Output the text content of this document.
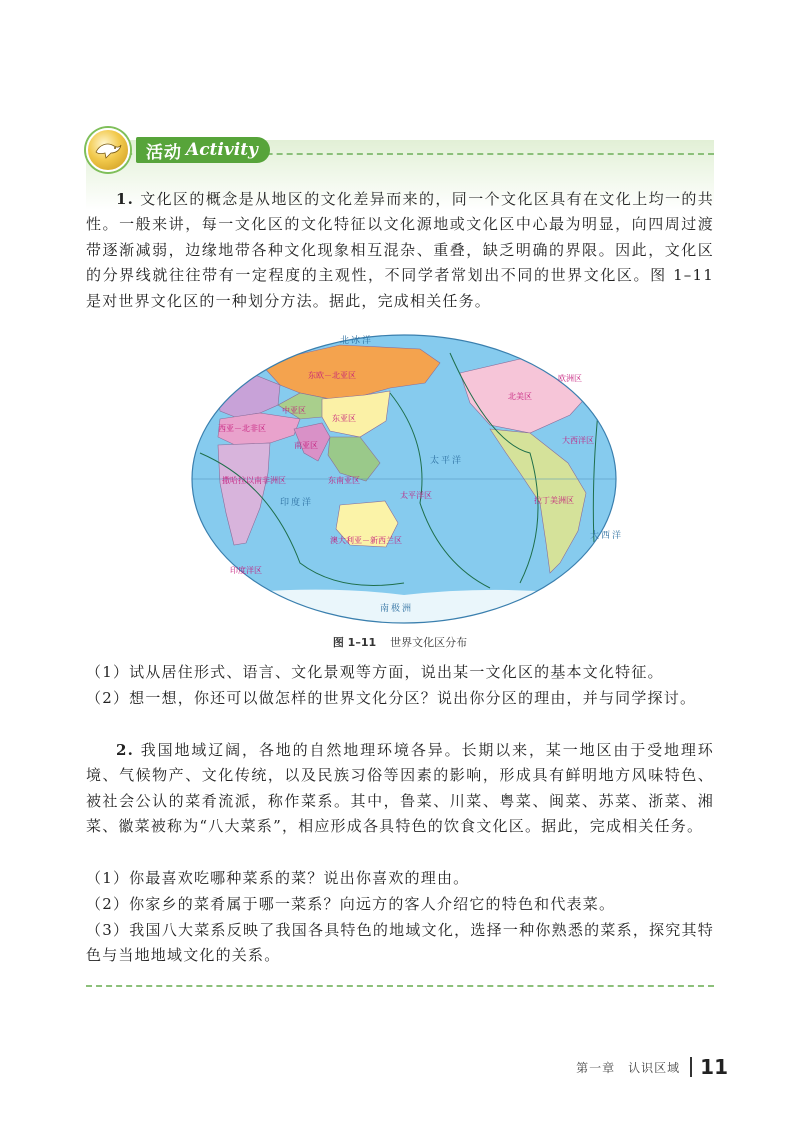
活动 Activity

1. 文化区的概念是从地区的文化差异而来的，同一个文化区具有在文化上均一的共性。一般来讲，每一文化区的文化特征以文化源地或文化区中心最为明显，向四周过渡带逐渐减弱，边缘地带各种文化现象相互混杂、重叠，缺乏明确的界限。因此，文化区的分界线就往往带有一定程度的主观性，不同学者常划出不同的世界文化区。图 1–11 是对世界文化区的一种划分方法。据此，完成相关任务。

东欧－北亚区
中亚区
西亚－北非区
东亚区
南亚区
撒哈拉以南非洲区	东南亚区
澳大利亚－新西兰区
北美区
拉丁美洲区
欧洲区
太平洋区
印度洋区
大西洋区
北冰洋
太平洋
印度洋
大西洋
南极洲
图 1–11 世界文化区分布

（1）试从居住形式、语言、文化景观等方面，说出某一文化区的基本文化特征。

（2）想一想，你还可以做怎样的世界文化分区？说出你分区的理由，并与同学探讨。

2. 我国地域辽阔，各地的自然地理环境各异。长期以来，某一地区由于受地理环境、气候物产、文化传统，以及民族习俗等因素的影响，形成具有鲜明地方风味特色、被社会公认的菜肴流派，称作菜系。其中，鲁菜、川菜、粤菜、闽菜、苏菜、浙菜、湘菜、徽菜被称为“八大菜系”，相应形成各具特色的饮食文化区。据此，完成相关任务。

（1）你最喜欢吃哪种菜系的菜？说出你喜欢的理由。

（2）你家乡的菜肴属于哪一菜系？向远方的客人介绍它的特色和代表菜。

（3）我国八大菜系反映了我国各具特色的地域文化，选择一种你熟悉的菜系，探究其特色与当地地域文化的关系。

第一章　认识区域 11
